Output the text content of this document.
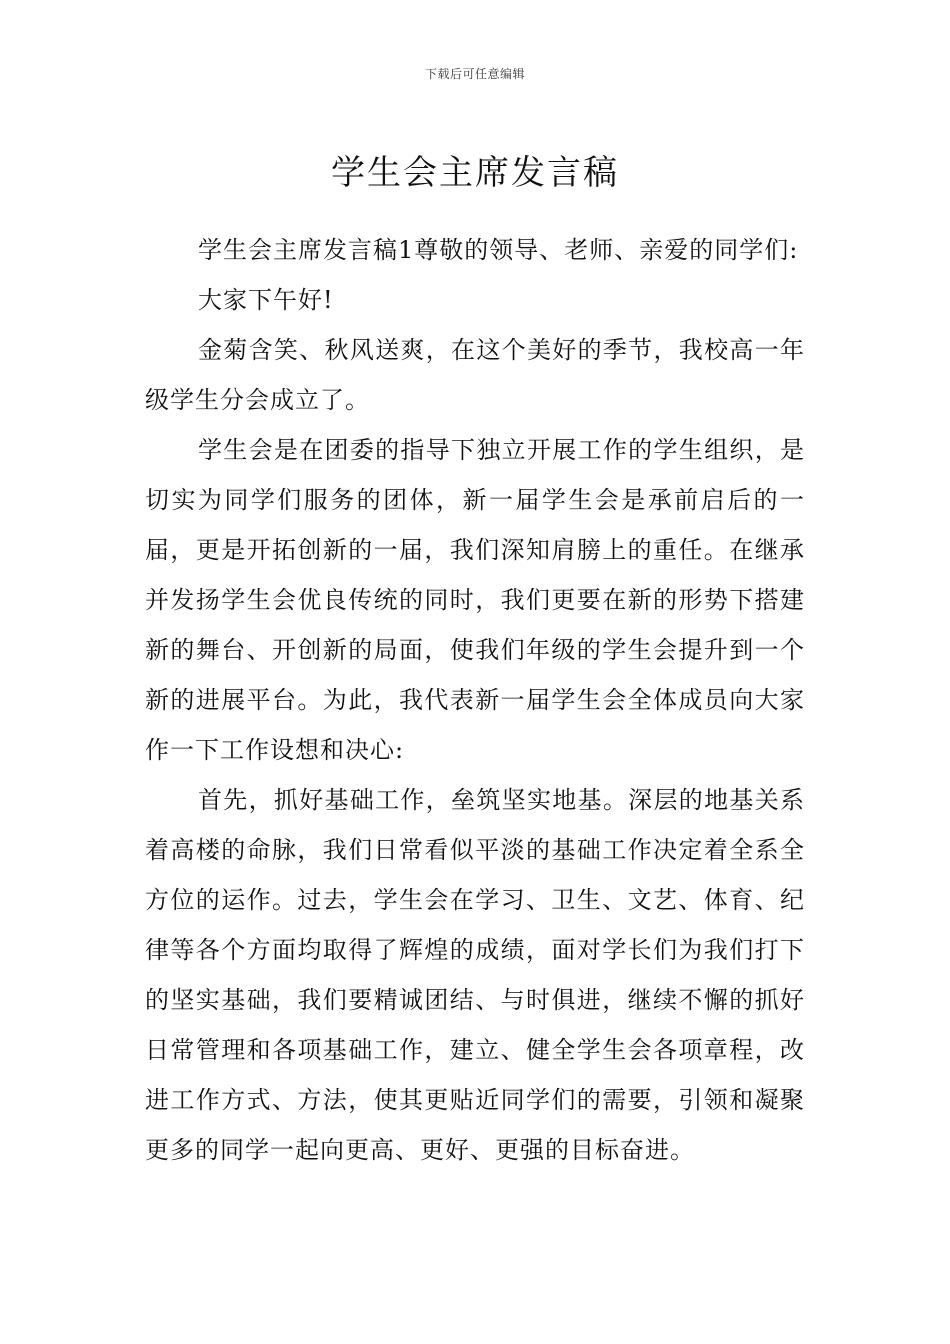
下载后可任意编辑
学生会主席发言稿

学生会主席发言稿1尊敬的领导、老师、亲爱的同学们:

大家下午好!

金菊含笑、秋风送爽，在这个美好的季节，我校高一年级学生分会成立了。

学生会是在团委的指导下独立开展工作的学生组织，是切实为同学们服务的团体，新一届学生会是承前启后的一届，更是开拓创新的一届，我们深知肩膀上的重任。在继承并发扬学生会优良传统的同时，我们更要在新的形势下搭建新的舞台、开创新的局面，使我们年级的学生会提升到一个新的进展平台。为此，我代表新一届学生会全体成员向大家作一下工作设想和决心:

首先，抓好基础工作，垒筑坚实地基。深层的地基关系着高楼的命脉，我们日常看似平淡的基础工作决定着全系全方位的运作。过去，学生会在学习、卫生、文艺、体育、纪律等各个方面均取得了辉煌的成绩，面对学长们为我们打下的坚实基础，我们要精诚团结、与时俱进，继续不懈的抓好日常管理和各项基础工作，建立、健全学生会各项章程，改进工作方式、方法，使其更贴近同学们的需要，引领和凝聚更多的同学一起向更高、更好、更强的目标奋进。
